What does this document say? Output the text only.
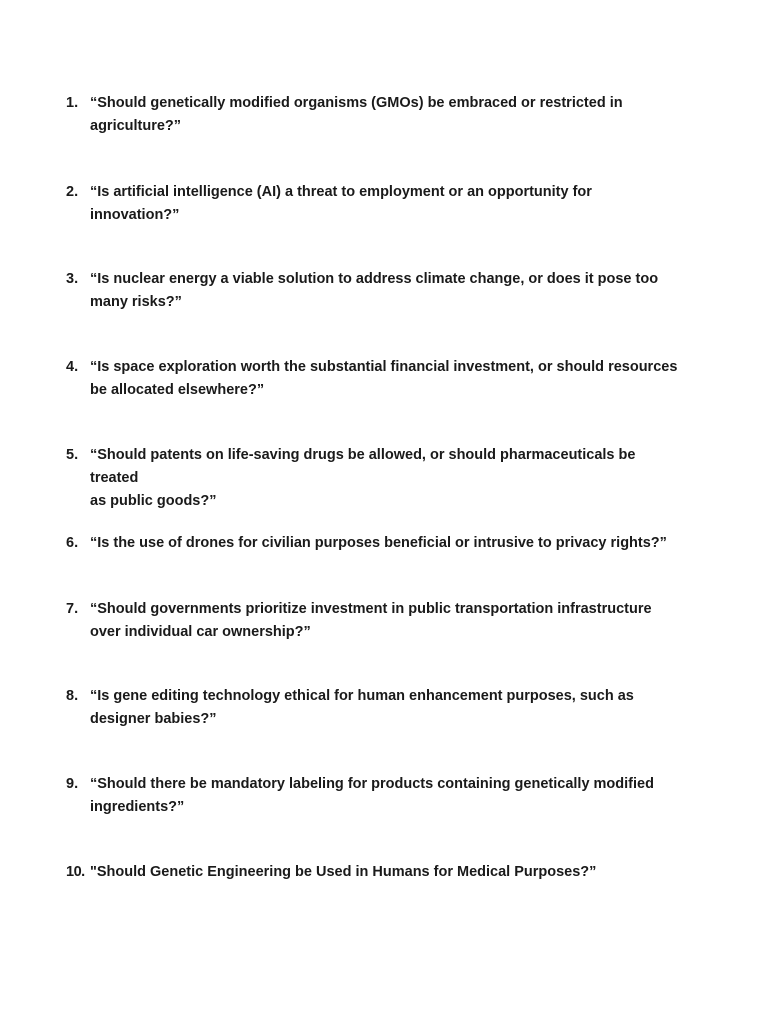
1. “Should genetically modified organisms (GMOs) be embraced or restricted in
agriculture?”
2. “Is artificial intelligence (AI) a threat to employment or an opportunity for
innovation?”
3. “Is nuclear energy a viable solution to address climate change, or does it pose too
many risks?”
4. “Is space exploration worth the substantial financial investment, or should resources
be allocated elsewhere?”
5. “Should patents on life-saving drugs be allowed, or should pharmaceuticals be treated
as public goods?”
6. “Is the use of drones for civilian purposes beneficial or intrusive to privacy rights?”
7. “Should governments prioritize investment in public transportation infrastructure
over individual car ownership?”
8. “Is gene editing technology ethical for human enhancement purposes, such as
designer babies?”
9. “Should there be mandatory labeling for products containing genetically modified
ingredients?”
10. "Should Genetic Engineering be Used in Humans for Medical Purposes?”
